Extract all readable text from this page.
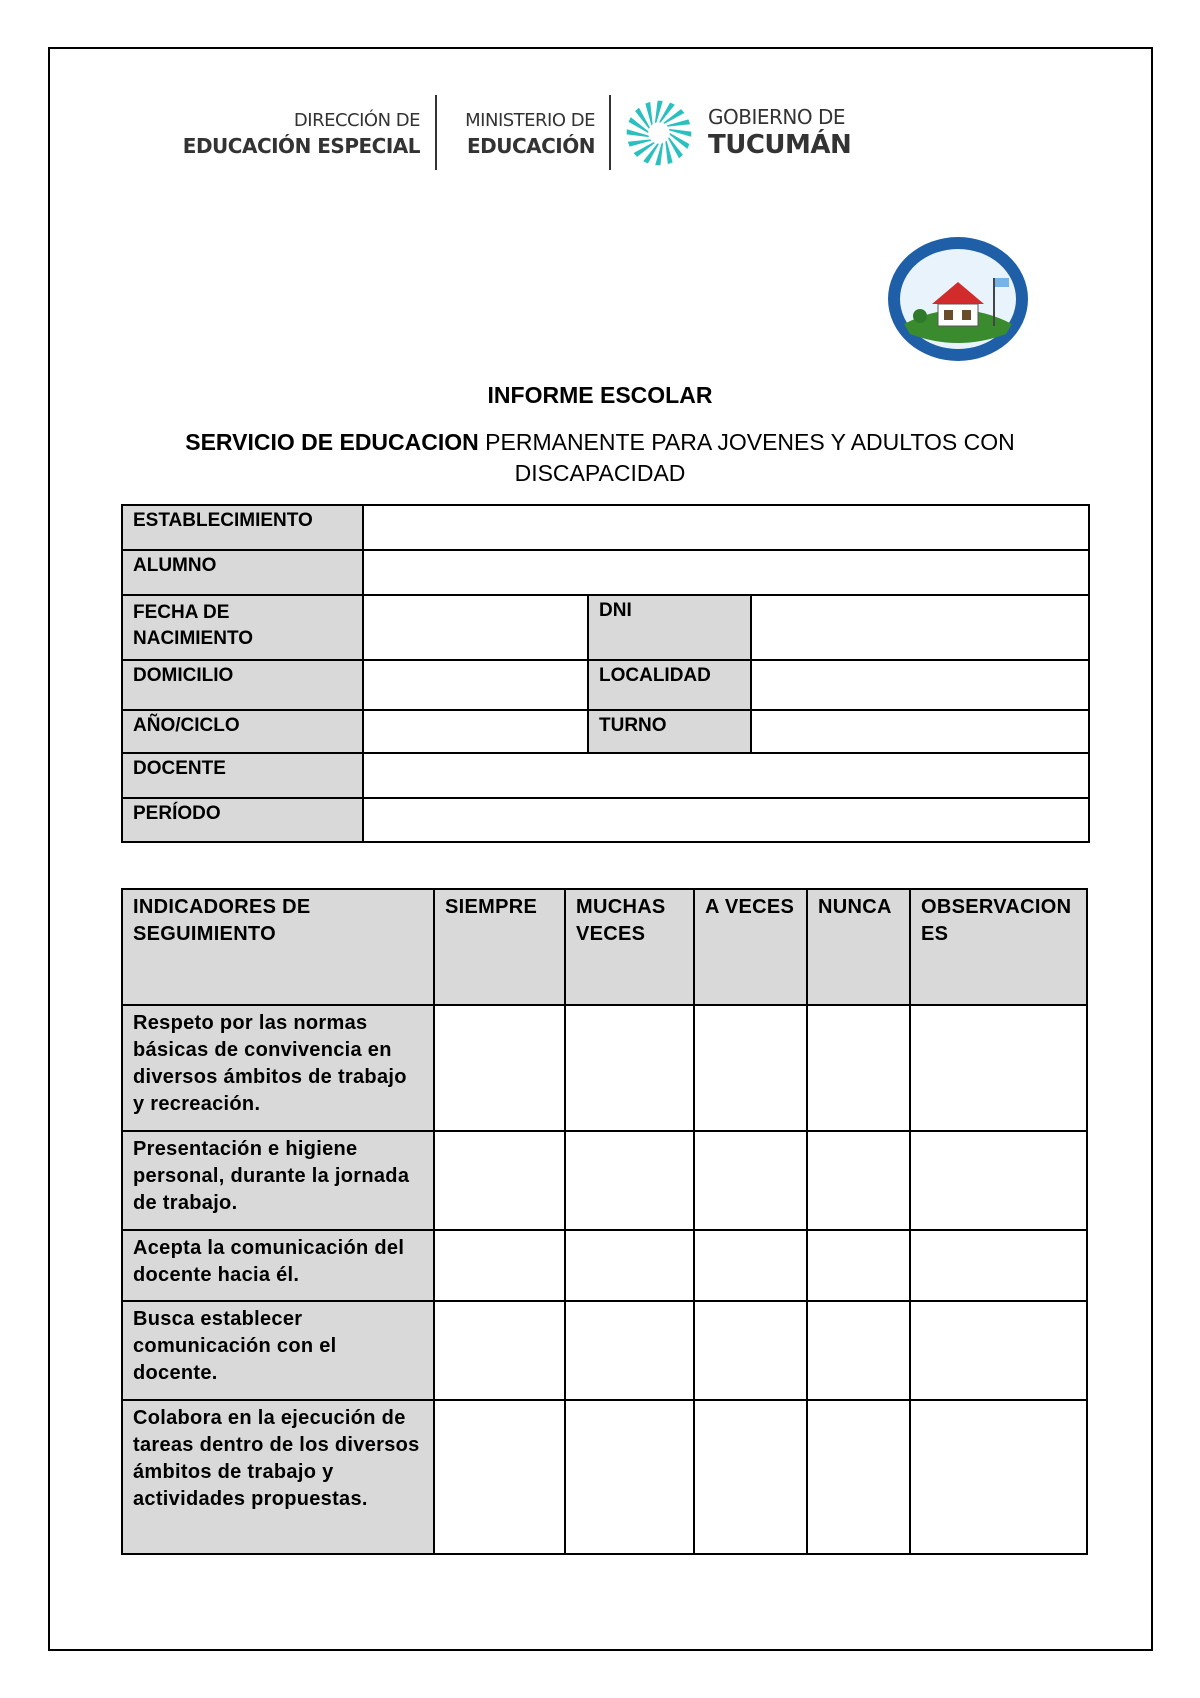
DIRECCIÓN DE
EDUCACIÓN ESPECIAL
MINISTERIO DE
EDUCACIÓN
GOBIERNO DE
TUCUMÁN
INFORME ESCOLAR
SERVICIO DE EDUCACION PERMANENTE PARA JOVENES Y ADULTOS CON DISCAPACIDAD
ESTABLECIMIENTO			
ALUMNO			
FECHA DE NACIMIENTO		DNI	
DOMICILIO		LOCALIDAD	
AÑO/CICLO		TURNO	
DOCENTE			
PERÍODO			
INDICADORES DE SEGUIMIENTO	SIEMPRE	MUCHAS VECES	A VECES	NUNCA	OBSERVACIONES
Respeto por las normas básicas de convivencia en diversos ámbitos de trabajo y recreación.					
Presentación e higiene personal, durante la jornada de trabajo.					
Acepta la comunicación del docente hacia él.					
Busca establecer comunicación con el docente.					
Colabora en la ejecución de tareas dentro de los diversos ámbitos de trabajo y actividades propuestas.					
